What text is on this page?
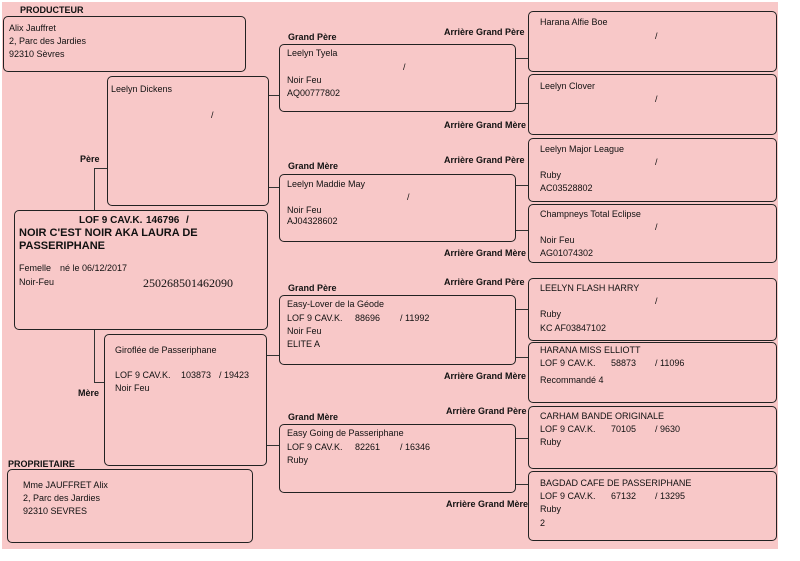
PRODUCTEUR
PROPRIETAIRE
Alix Jauffret
2, Parc des Jardies
92310 Sèvres
Mme JAUFFRET Alix
2, Parc des Jardies
92310 SEVRES
LOF 9 CAV.K. 146796 /
NOIR C'EST NOIR AKA LAURA DE
PASSERIPHANE
Femelle né le 06/12/2017
Noir-Feu	250268501462090
Père
Mère
Leelyn Dickens
/
Giroflée de Passeriphane
LOF 9 CAV.K. 103873 / 19423
Noir Feu
Grand Père
Grand Mère
Grand Père
Grand Mère
Leelyn Tyela
/
Noir Feu
AQ00777802
Leelyn Maddie May
/
Noir Feu
AJ04328602
Easy-Lover de la Géode
LOF 9 CAV.K. 88696 / 11992
Noir Feu
ELITE A
Easy Going de Passeriphane
LOF 9 CAV.K. 82261 / 16346
Ruby
Arrière Grand Père
Arrière Grand Mère
Arrière Grand Père
Arrière Grand Mère
Arrière Grand Père
Arrière Grand Mère
Arrière Grand Père
Arrière Grand Mère
Harana Alfie Boe
/
Leelyn Clover
/
Leelyn Major League
/
Ruby
AC03528802
Champneys Total Eclipse
/
Noir Feu
AG01074302
LEELYN FLASH HARRY
/
Ruby
KC AF03847102
HARANA MISS ELLIOTT
LOF 9 CAV.K. 58873 / 11096
Recommandé 4
CARHAM BANDE ORIGINALE
LOF 9 CAV.K. 70105 / 9630
Ruby
BAGDAD CAFE DE PASSERIPHANE
LOF 9 CAV.K. 67132 / 13295
Ruby
2
